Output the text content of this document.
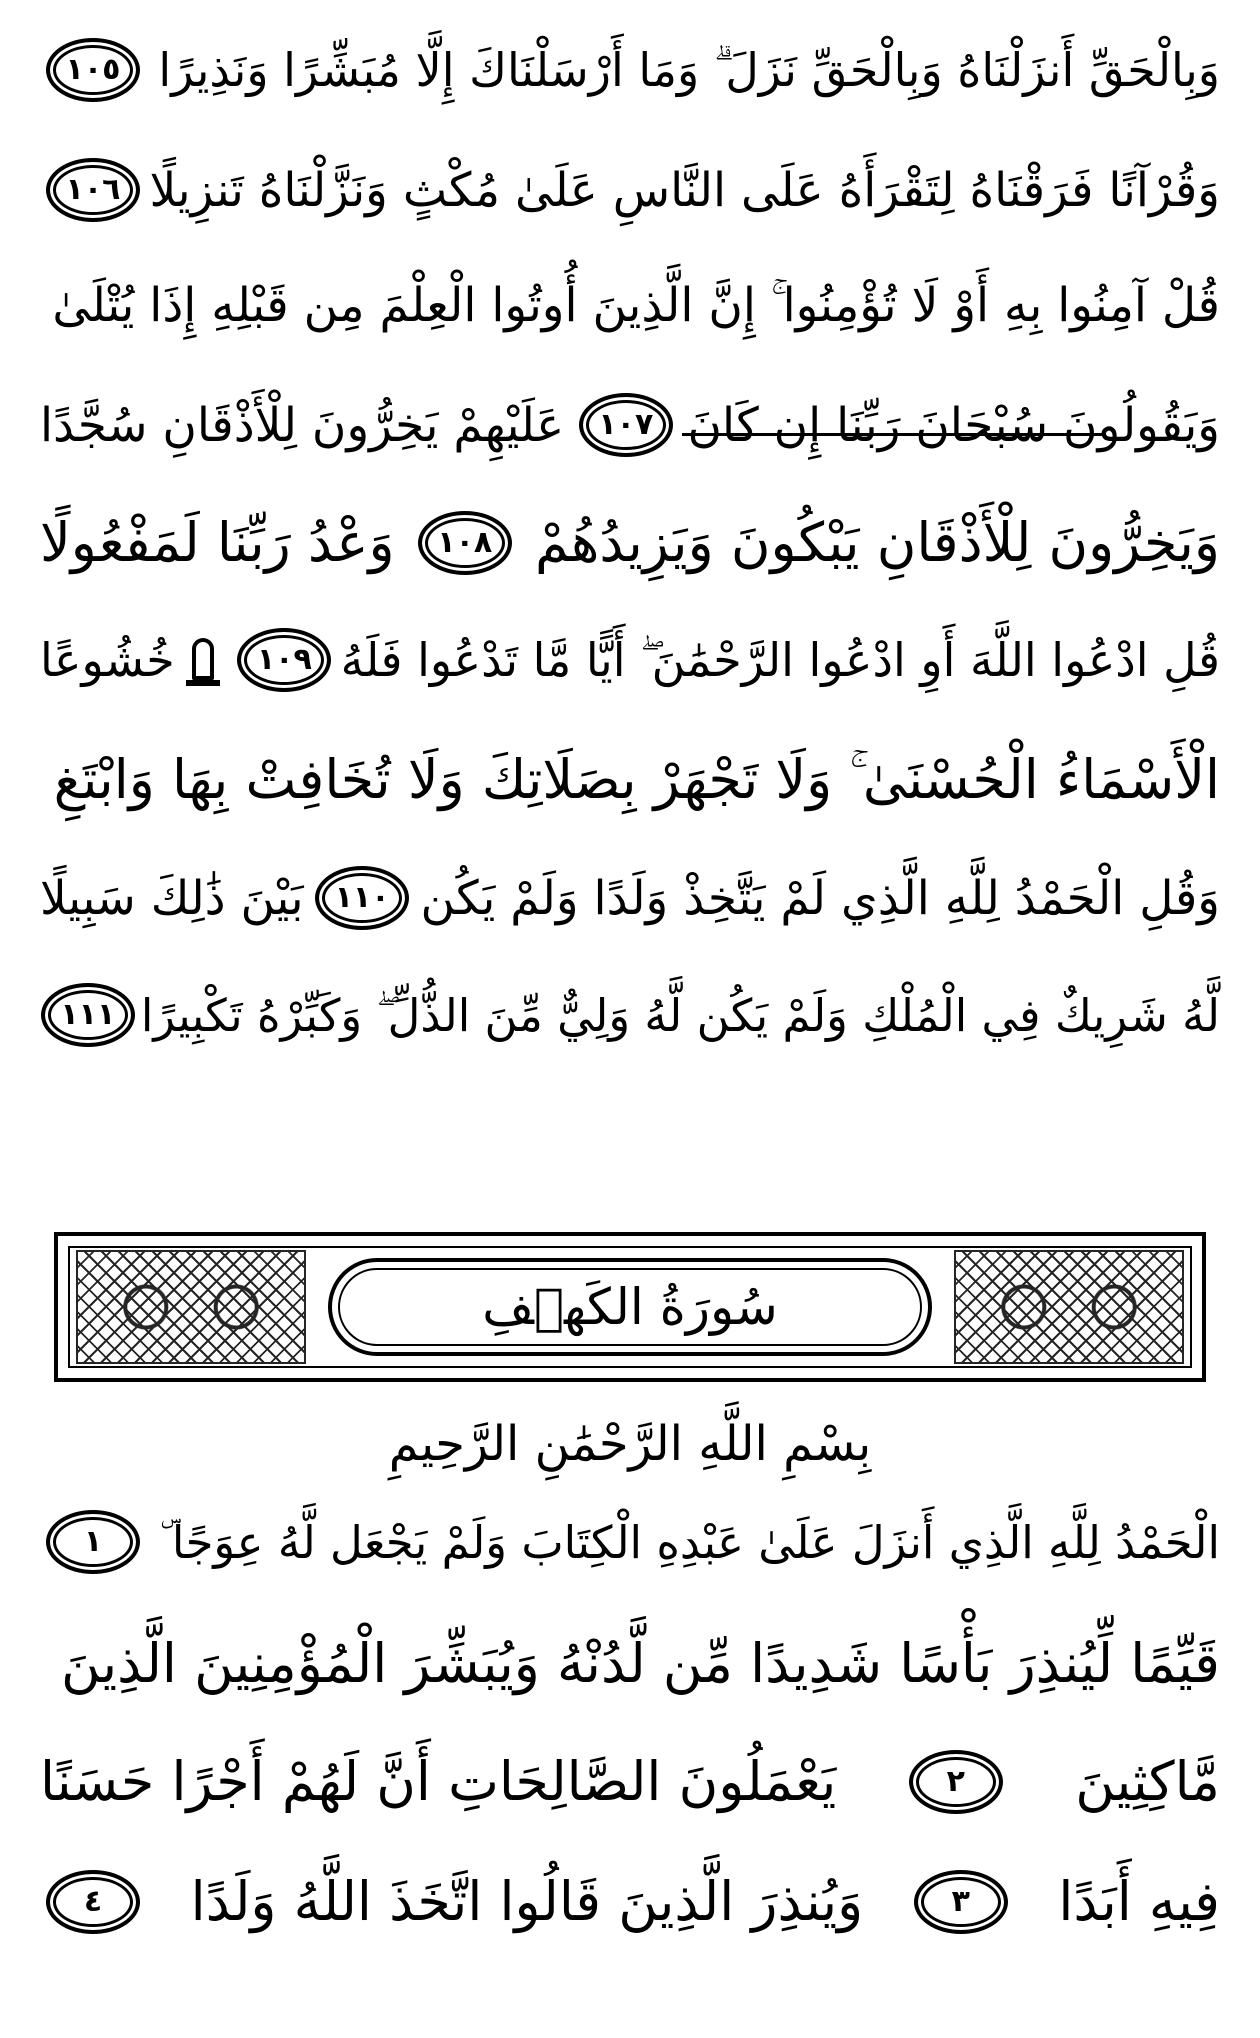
وَبِالْحَقِّ أَنزَلْنَاهُ وَبِالْحَقِّ نَزَلَ ۗ وَمَا أَرْسَلْنَاكَ إِلَّا مُبَشِّرًا وَنَذِيرًا
١٠٥
وَقُرْآنًا فَرَقْنَاهُ لِتَقْرَأَهُ عَلَى النَّاسِ عَلَىٰ مُكْثٍ وَنَزَّلْنَاهُ تَنزِيلًا
١٠٦
قُلْ آمِنُوا بِهِ أَوْ لَا تُؤْمِنُوا ۚ إِنَّ الَّذِينَ أُوتُوا الْعِلْمَ مِن قَبْلِهِ إِذَا يُتْلَىٰ
وَيَقُولُونَ سُبْحَانَ رَبِّنَا إِن كَانَ
١٠٧
عَلَيْهِمْ يَخِرُّونَ لِلْأَذْقَانِ سُجَّدًا
وَيَخِرُّونَ لِلْأَذْقَانِ يَبْكُونَ وَيَزِيدُهُمْ
١٠٨
وَعْدُ رَبِّنَا لَمَفْعُولًا
قُلِ ادْعُوا اللَّهَ أَوِ ادْعُوا الرَّحْمَٰنَ ۖ أَيًّا مَّا تَدْعُوا فَلَهُ
١٠٩
خُشُوعًا
الْأَسْمَاءُ الْحُسْنَىٰ ۚ وَلَا تَجْهَرْ بِصَلَاتِكَ وَلَا تُخَافِتْ بِهَا وَابْتَغِ
وَقُلِ الْحَمْدُ لِلَّهِ الَّذِي لَمْ يَتَّخِذْ وَلَدًا وَلَمْ يَكُن
١١٠
بَيْنَ ذَٰلِكَ سَبِيلًا
لَّهُ شَرِيكٌ فِي الْمُلْكِ وَلَمْ يَكُن لَّهُ وَلِيٌّ مِّنَ الذُّلِّ ۖ وَكَبِّرْهُ تَكْبِيرًا
١١١
سُورَةُ الكَهۡفِ
بِسْمِ اللَّهِ الرَّحْمَٰنِ الرَّحِيمِ
الْحَمْدُ لِلَّهِ الَّذِي أَنزَلَ عَلَىٰ عَبْدِهِ الْكِتَابَ وَلَمْ يَجْعَل لَّهُ عِوَجًا ۜ
١
قَيِّمًا لِّيُنذِرَ بَأْسًا شَدِيدًا مِّن لَّدُنْهُ وَيُبَشِّرَ الْمُؤْمِنِينَ الَّذِينَ
مَّاكِثِينَ
٢
يَعْمَلُونَ الصَّالِحَاتِ أَنَّ لَهُمْ أَجْرًا حَسَنًا
فِيهِ أَبَدًا
٣
وَيُنذِرَ الَّذِينَ قَالُوا اتَّخَذَ اللَّهُ وَلَدًا
٤
